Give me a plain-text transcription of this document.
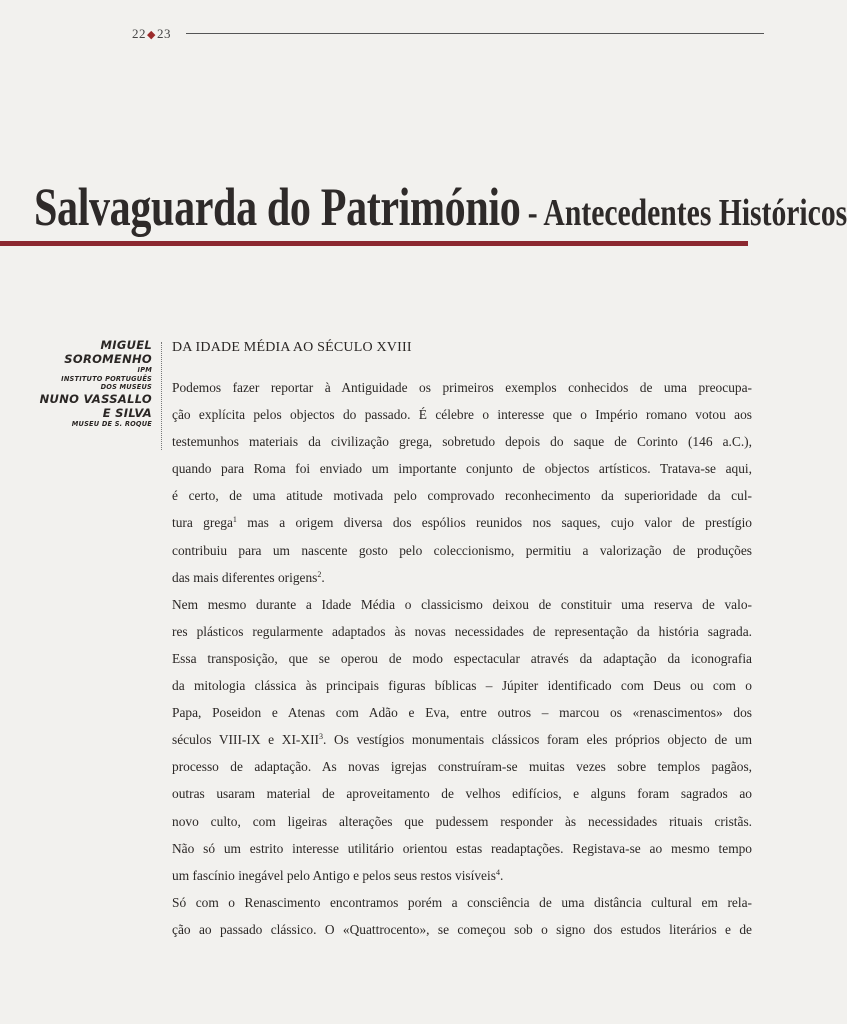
22◆23
Salvaguarda do Património - Antecedentes Históricos
MIGUEL
SOROMENHO
IPM
INSTITUTO PORTUGUÊS
DOS MUSEUS
NUNO VASSALLO
E SILVA
MUSEU DE S. ROQUE
DA IDADE MÉDIA AO SÉCULO XVIII
Podemos fazer reportar à Antiguidade os primeiros exemplos conhecidos de uma preocupa-
ção explícita pelos objectos do passado. É célebre o interesse que o Império romano votou aos
testemunhos materiais da civilização grega, sobretudo depois do saque de Corinto (146 a.C.),
quando para Roma foi enviado um importante conjunto de objectos artísticos. Tratava-se aqui,
é certo, de uma atitude motivada pelo comprovado reconhecimento da superioridade da cul-
tura grega$^1$ mas a origem diversa dos espólios reunidos nos saques, cujo valor de prestígio
contribuiu para um nascente gosto pelo coleccionismo, permitiu a valorização de produções
das mais diferentes origens$^2$.
Nem mesmo durante a Idade Média o classicismo deixou de constituir uma reserva de valo-
res plásticos regularmente adaptados às novas necessidades de representação da história sagrada.
Essa transposição, que se operou de modo espectacular através da adaptação da iconografia
da mitologia clássica às principais figuras bíblicas – Júpiter identificado com Deus ou com o
Papa, Poseidon e Atenas com Adão e Eva, entre outros – marcou os «renascimentos» dos
séculos VIII-IX e XI-XII$^3$. Os vestígios monumentais clássicos foram eles próprios objecto de um
processo de adaptação. As novas igrejas construíram-se muitas vezes sobre templos pagãos,
outras usaram material de aproveitamento de velhos edifícios, e alguns foram sagrados ao
novo culto, com ligeiras alterações que pudessem responder às necessidades rituais cristãs.
Não só um estrito interesse utilitário orientou estas readaptações. Registava-se ao mesmo tempo
um fascínio inegável pelo Antigo e pelos seus restos visíveis$^4$.
Só com o Renascimento encontramos porém a consciência de uma distância cultural em rela-
ção ao passado clássico. O «Quattrocento», se começou sob o signo dos estudos literários e de
